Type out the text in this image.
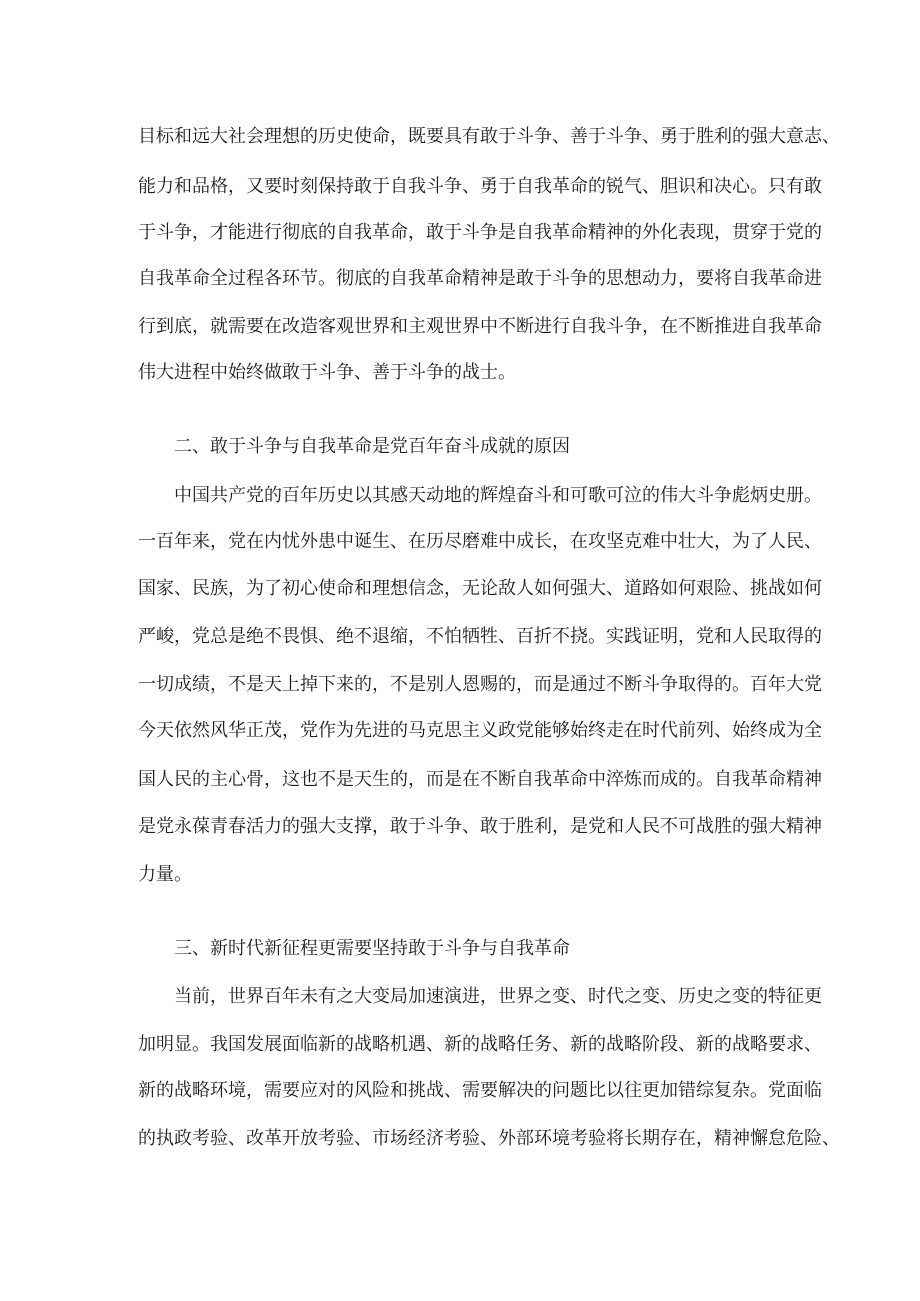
目标和远大社会理想的历史使命，既要具有敢于斗争、善于斗争、勇于胜利的强大意志、
能力和品格，又要时刻保持敢于自我斗争、勇于自我革命的锐气、胆识和决心。只有敢
于斗争，才能进行彻底的自我革命，敢于斗争是自我革命精神的外化表现，贯穿于党的
自我革命全过程各环节。彻底的自我革命精神是敢于斗争的思想动力，要将自我革命进
行到底，就需要在改造客观世界和主观世界中不断进行自我斗争，在不断推进自我革命
伟大进程中始终做敢于斗争、善于斗争的战士。
二、敢于斗争与自我革命是党百年奋斗成就的原因
中国共产党的百年历史以其感天动地的辉煌奋斗和可歌可泣的伟大斗争彪炳史册。
一百年来，党在内忧外患中诞生、在历尽磨难中成长，在攻坚克难中壮大，为了人民、
国家、民族，为了初心使命和理想信念，无论敌人如何强大、道路如何艰险、挑战如何
严峻，党总是绝不畏惧、绝不退缩，不怕牺牲、百折不挠。实践证明，党和人民取得的
一切成绩，不是天上掉下来的，不是别人恩赐的，而是通过不断斗争取得的。百年大党
今天依然风华正茂，党作为先进的马克思主义政党能够始终走在时代前列、始终成为全
国人民的主心骨，这也不是天生的，而是在不断自我革命中淬炼而成的。自我革命精神
是党永葆青春活力的强大支撑，敢于斗争、敢于胜利，是党和人民不可战胜的强大精神
力量。
三、新时代新征程更需要坚持敢于斗争与自我革命
当前，世界百年未有之大变局加速演进，世界之变、时代之变、历史之变的特征更
加明显。我国发展面临新的战略机遇、新的战略任务、新的战略阶段、新的战略要求、
新的战略环境，需要应对的风险和挑战、需要解决的问题比以往更加错综复杂。党面临
的执政考验、改革开放考验、市场经济考验、外部环境考验将长期存在，精神懈怠危险、
